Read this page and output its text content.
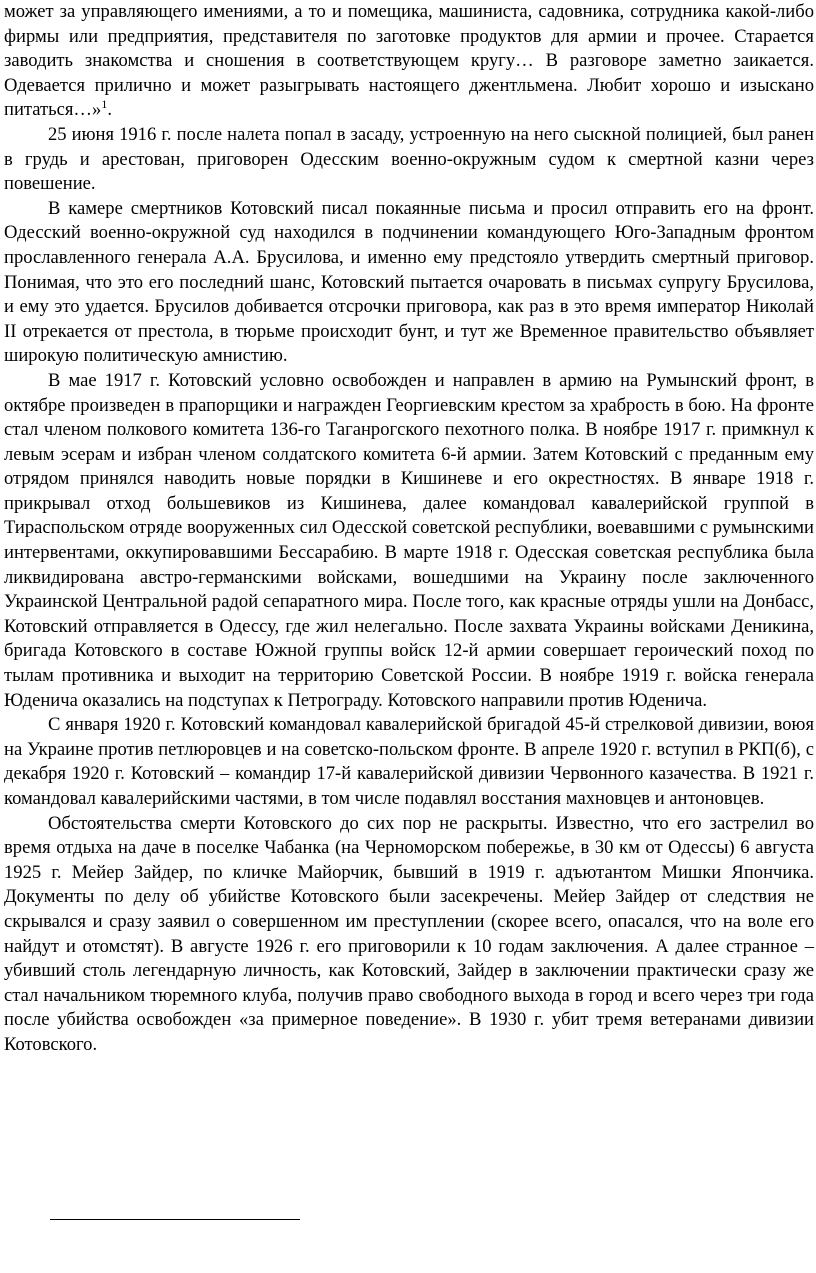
может за управляющего имениями, а то и помещика, машиниста, садовника, сотрудника какой-либо фирмы или предприятия, представителя по заготовке продуктов для армии и прочее. Старается заводить знакомства и сношения в соответствующем кругу… В разговоре заметно заикается. Одевается прилично и может разыгрывать настоящего джентльмена. Любит хорошо и изыскано питаться…»$^1$.

25 июня 1916 г. после налета попал в засаду, устроенную на него сыскной полицией, был ранен в грудь и арестован, приговорен Одесским военно-окружным судом к смертной казни через повешение.

В камере смертников Котовский писал покаянные письма и просил отправить его на фронт. Одесский военно-окружной суд находился в подчинении командующего Юго-Западным фронтом прославленного генерала А.А. Брусилова, и именно ему предстояло утвердить смертный приговор. Понимая, что это его последний шанс, Котовский пытается очаровать в письмах супругу Брусилова, и ему это удается. Брусилов добивается отсрочки приговора, как раз в это время император Николай II отрекается от престола, в тюрьме происходит бунт, и тут же Временное правительство объявляет широкую политическую амнистию.

В мае 1917 г. Котовский условно освобожден и направлен в армию на Румынский фронт, в октябре произведен в прапорщики и награжден Георгиевским крестом за храбрость в бою. На фронте стал членом полкового комитета 136-го Таганрогского пехотного полка. В ноябре 1917 г. примкнул к левым эсерам и избран членом солдатского комитета 6-й армии. Затем Котовский с преданным ему отрядом принялся наводить новые порядки в Кишиневе и его окрестностях. В январе 1918 г. прикрывал отход большевиков из Кишинева, далее командовал кавалерийской группой в Тираспольском отряде вооруженных сил Одесской советской республики, воевавшими с румынскими интервентами, оккупировавшими Бессарабию. В марте 1918 г. Одесская советская республика была ликвидирована австро-германскими войсками, вошедшими на Украину после заключенного Украинской Центральной радой сепаратного мира. После того, как красные отряды ушли на Донбасс, Котовский отправляется в Одессу, где жил нелегально. После захвата Украины войсками Деникина, бригада Котовского в составе Южной группы войск 12-й армии совершает героический поход по тылам противника и выходит на территорию Советской России. В ноябре 1919 г. войска генерала Юденича оказались на подступах к Петрограду. Котовского направили против Юденича.

С января 1920 г. Котовский командовал кавалерийской бригадой 45-й стрелковой дивизии, воюя на Украине против петлюровцев и на советско-польском фронте. В апреле 1920 г. вступил в РКП(б), с декабря 1920 г. Котовский – командир 17-й кавалерийской дивизии Червонного казачества. В 1921 г. командовал кавалерийскими частями, в том числе подавлял восстания махновцев и антоновцев.

Обстоятельства смерти Котовского до сих пор не раскрыты. Известно, что его застрелил во время отдыха на даче в поселке Чабанка (на Черноморском побережье, в 30 км от Одессы) 6 августа 1925 г. Мейер Зайдер, по кличке Майорчик, бывший в 1919 г. адъютантом Мишки Япончика. Документы по делу об убийстве Котовского были засекречены. Мейер Зайдер от следствия не скрывался и сразу заявил о совершенном им преступлении (скорее всего, опасался, что на воле его найдут и отомстят). В августе 1926 г. его приговорили к 10 годам заключения. А далее странное – убивший столь легендарную личность, как Котовский, Зайдер в заключении практически сразу же стал начальником тюремного клуба, получив право свободного выхода в город и всего через три года после убийства освобожден «за примерное поведение». В 1930 г. убит тремя ветеранами дивизии Котовского.
